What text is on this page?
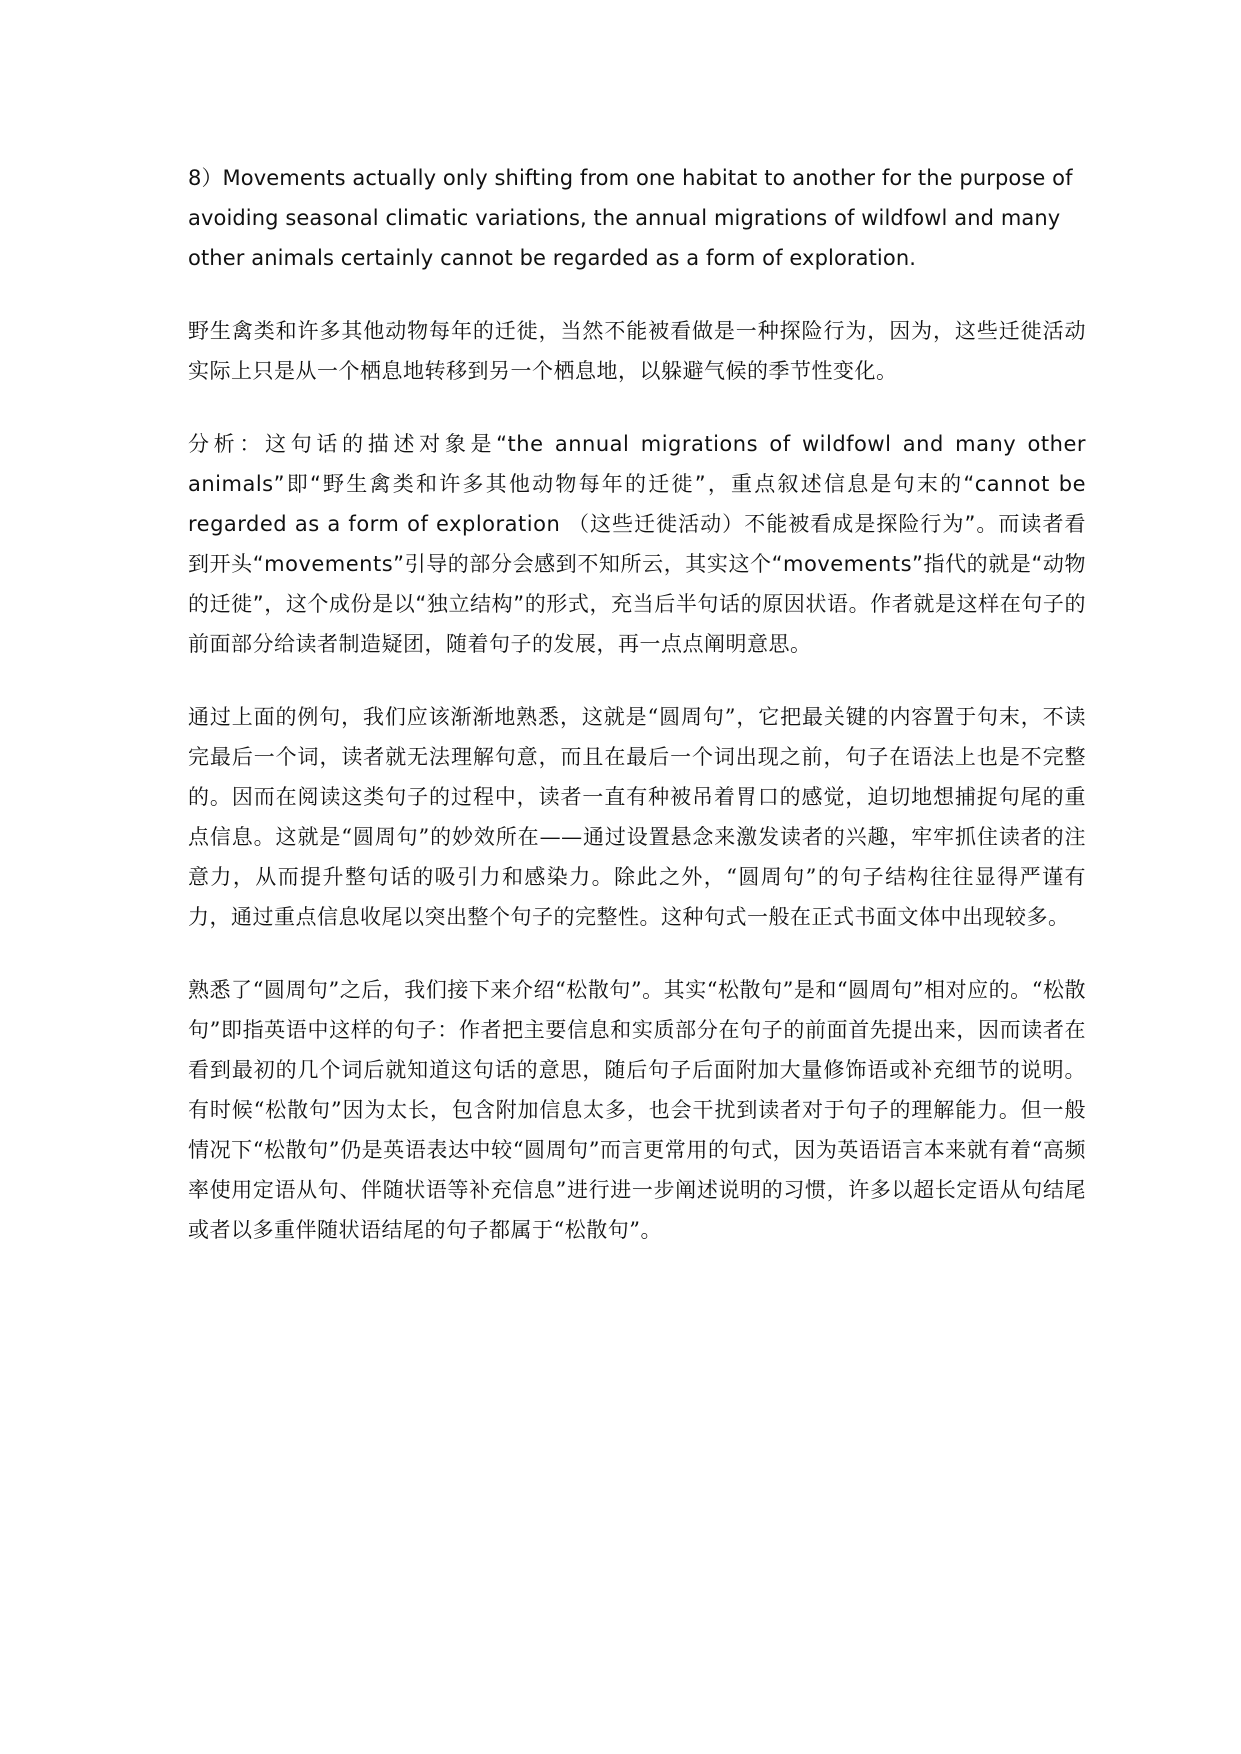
8）Movements actually only shifting from one habitat to another for the purpose of avoiding seasonal climatic variations, the annual migrations of wildfowl and many other animals certainly cannot be regarded as a form of exploration.

野生禽类和许多其他动物每年的迁徙，当然不能被看做是一种探险行为，因为，这些迁徙活动实际上只是从一个栖息地转移到另一个栖息地，以躲避气候的季节性变化。

分析：这句话的描述对象是“the annual migrations of wildfowl and many other animals”即“野生禽类和许多其他动物每年的迁徙”，重点叙述信息是句末的“cannot be regarded as a form of exploration （这些迁徙活动）不能被看成是探险行为”。而读者看到开头“movements”引导的部分会感到不知所云，其实这个“movements”指代的就是“动物的迁徙”，这个成份是以“独立结构”的形式，充当后半句话的原因状语。作者就是这样在句子的前面部分给读者制造疑团，随着句子的发展，再一点点阐明意思。

通过上面的例句，我们应该渐渐地熟悉，这就是“圆周句”，它把最关键的内容置于句末，不读完最后一个词，读者就无法理解句意，而且在最后一个词出现之前，句子在语法上也是不完整的。因而在阅读这类句子的过程中，读者一直有种被吊着胃口的感觉，迫切地想捕捉句尾的重点信息。这就是“圆周句”的妙效所在——通过设置悬念来激发读者的兴趣，牢牢抓住读者的注意力，从而提升整句话的吸引力和感染力。除此之外，“圆周句”的句子结构往往显得严谨有力，通过重点信息收尾以突出整个句子的完整性。这种句式一般在正式书面文体中出现较多。

熟悉了“圆周句”之后，我们接下来介绍“松散句”。其实“松散句”是和“圆周句”相对应的。“松散句”即指英语中这样的句子：作者把主要信息和实质部分在句子的前面首先提出来，因而读者在看到最初的几个词后就知道这句话的意思，随后句子后面附加大量修饰语或补充细节的说明。有时候“松散句”因为太长，包含附加信息太多，也会干扰到读者对于句子的理解能力。但一般情况下“松散句”仍是英语表达中较“圆周句”而言更常用的句式，因为英语语言本来就有着“高频率使用定语从句、伴随状语等补充信息”进行进一步阐述说明的习惯，许多以超长定语从句结尾或者以多重伴随状语结尾的句子都属于“松散句”。
